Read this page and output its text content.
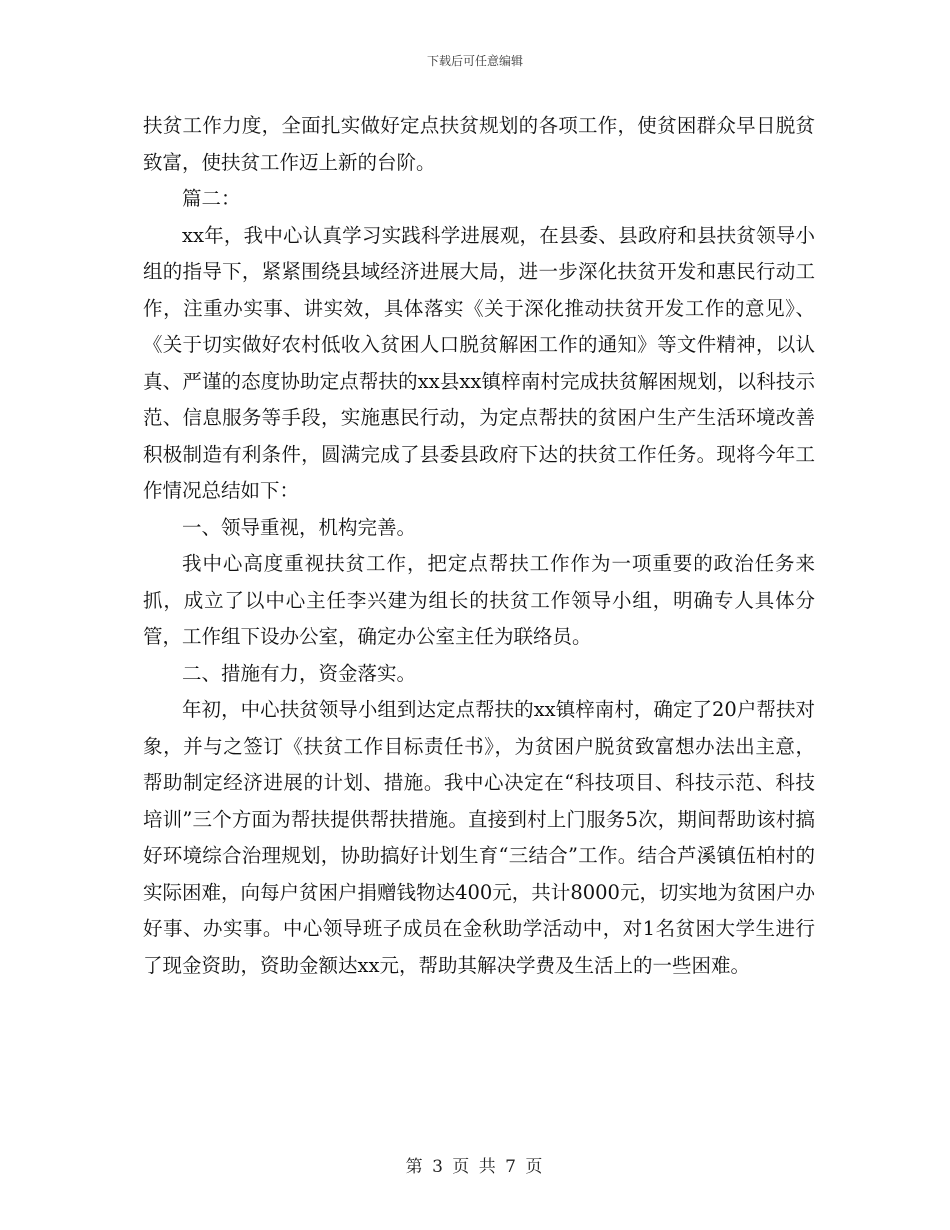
下载后可任意编辑

扶贫工作力度，全面扎实做好定点扶贫规划的各项工作，使贫困群众早日脱贫致富，使扶贫工作迈上新的台阶。

篇二：

xx年，我中心认真学习实践科学进展观，在县委、县政府和县扶贫领导小组的指导下，紧紧围绕县域经济进展大局，进一步深化扶贫开发和惠民行动工作，注重办实事、讲实效，具体落实《关于深化推动扶贫开发工作的意见》、《关于切实做好农村低收入贫困人口脱贫解困工作的通知》等文件精神，以认真、严谨的态度协助定点帮扶的xx县xx镇梓南村完成扶贫解困规划，以科技示范、信息服务等手段，实施惠民行动，为定点帮扶的贫困户生产生活环境改善积极制造有利条件，圆满完成了县委县政府下达的扶贫工作任务。现将今年工作情况总结如下：

一、领导重视，机构完善。

我中心高度重视扶贫工作，把定点帮扶工作作为一项重要的政治任务来抓，成立了以中心主任李兴建为组长的扶贫工作领导小组，明确专人具体分管，工作组下设办公室，确定办公室主任为联络员。

二、措施有力，资金落实。

年初，中心扶贫领导小组到达定点帮扶的xx镇梓南村，确定了20户帮扶对象，并与之签订《扶贫工作目标责任书》，为贫困户脱贫致富想办法出主意，帮助制定经济进展的计划、措施。我中心决定在“科技项目、科技示范、科技培训”三个方面为帮扶提供帮扶措施。直接到村上门服务5次，期间帮助该村搞好环境综合治理规划，协助搞好计划生育“三结合”工作。结合芦溪镇伍柏村的实际困难，向每户贫困户捐赠钱物达400元，共计8000元，切实地为贫困户办好事、办实事。中心领导班子成员在金秋助学活动中，对1名贫困大学生进行了现金资助，资助金额达xx元，帮助其解决学费及生活上的一些困难。

第 3 页 共 7 页
